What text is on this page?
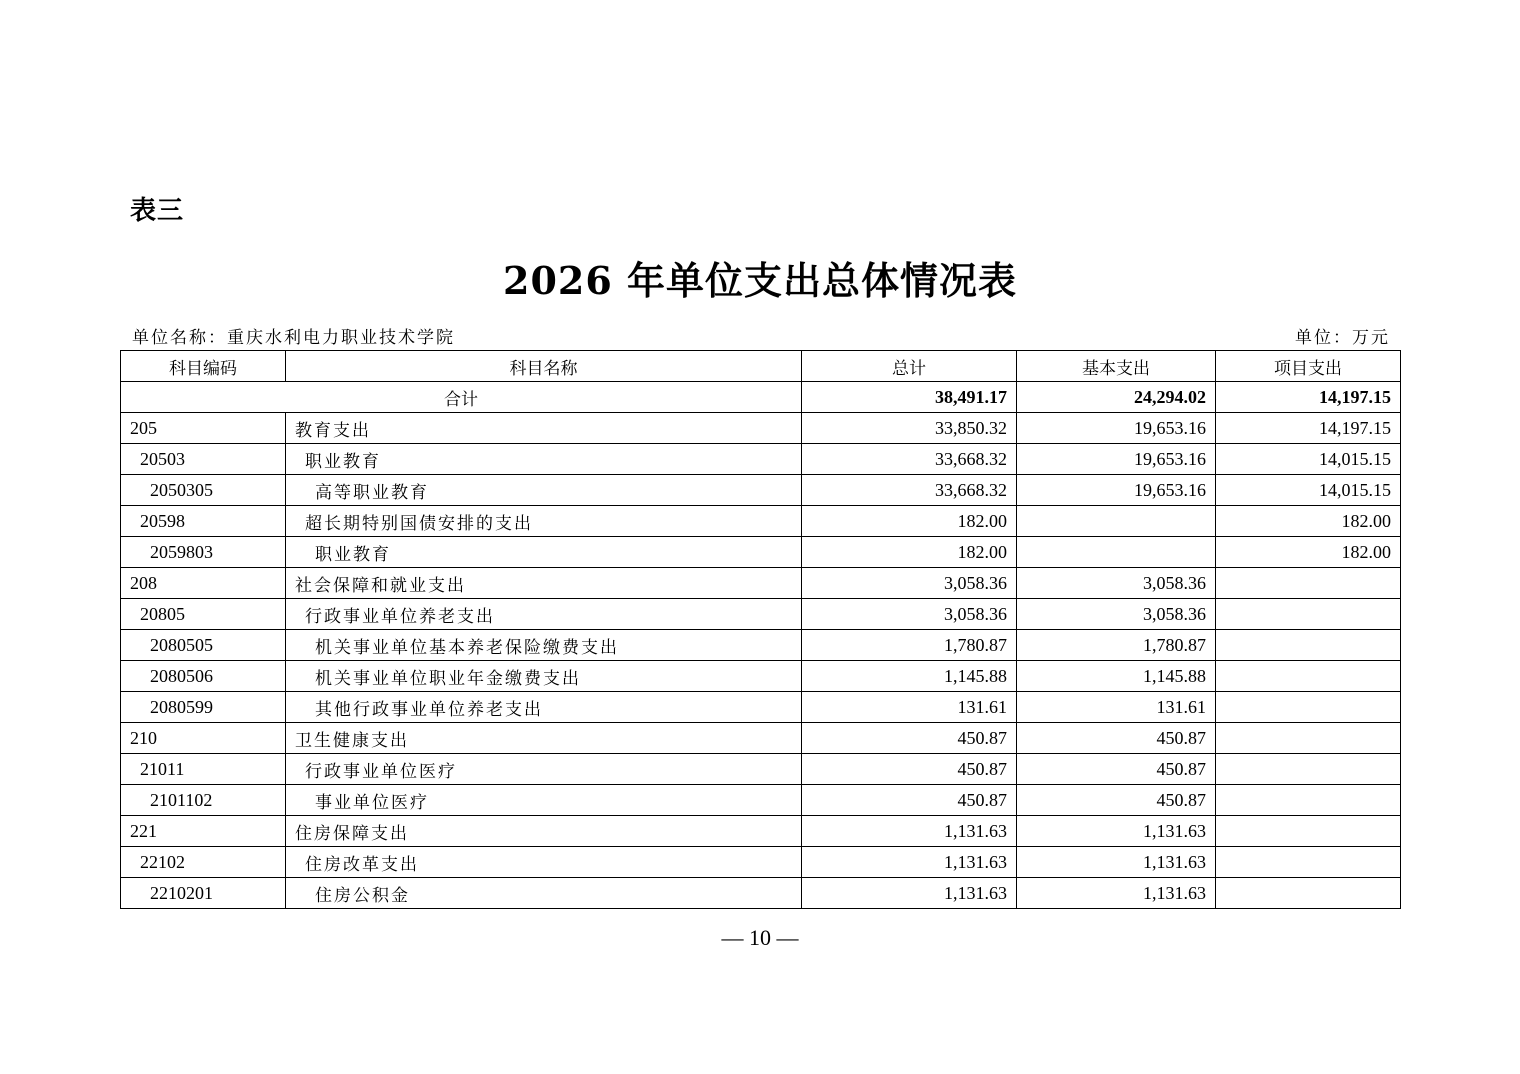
表三
2026 年单位支出总体情况表
单位名称：重庆水利电力职业技术学院	单位：万元
科目编码	科目名称	总计	基本支出	项目支出
合计		38,491.17	24,294.02	14,197.15
205	教育支出	33,850.32	19,653.16	14,197.15
20503	职业教育	33,668.32	19,653.16	14,015.15
2050305	高等职业教育	33,668.32	19,653.16	14,015.15
20598	超长期特别国债安排的支出	182.00		182.00
2059803	职业教育	182.00		182.00
208	社会保障和就业支出	3,058.36	3,058.36	
20805	行政事业单位养老支出	3,058.36	3,058.36	
2080505	机关事业单位基本养老保险缴费支出	1,780.87	1,780.87	
2080506	机关事业单位职业年金缴费支出	1,145.88	1,145.88	
2080599	其他行政事业单位养老支出	131.61	131.61	
210	卫生健康支出	450.87	450.87	
21011	行政事业单位医疗	450.87	450.87	
2101102	事业单位医疗	450.87	450.87	
221	住房保障支出	1,131.63	1,131.63	
22102	住房改革支出	1,131.63	1,131.63	
2210201	住房公积金	1,131.63	1,131.63	
— 10 —
